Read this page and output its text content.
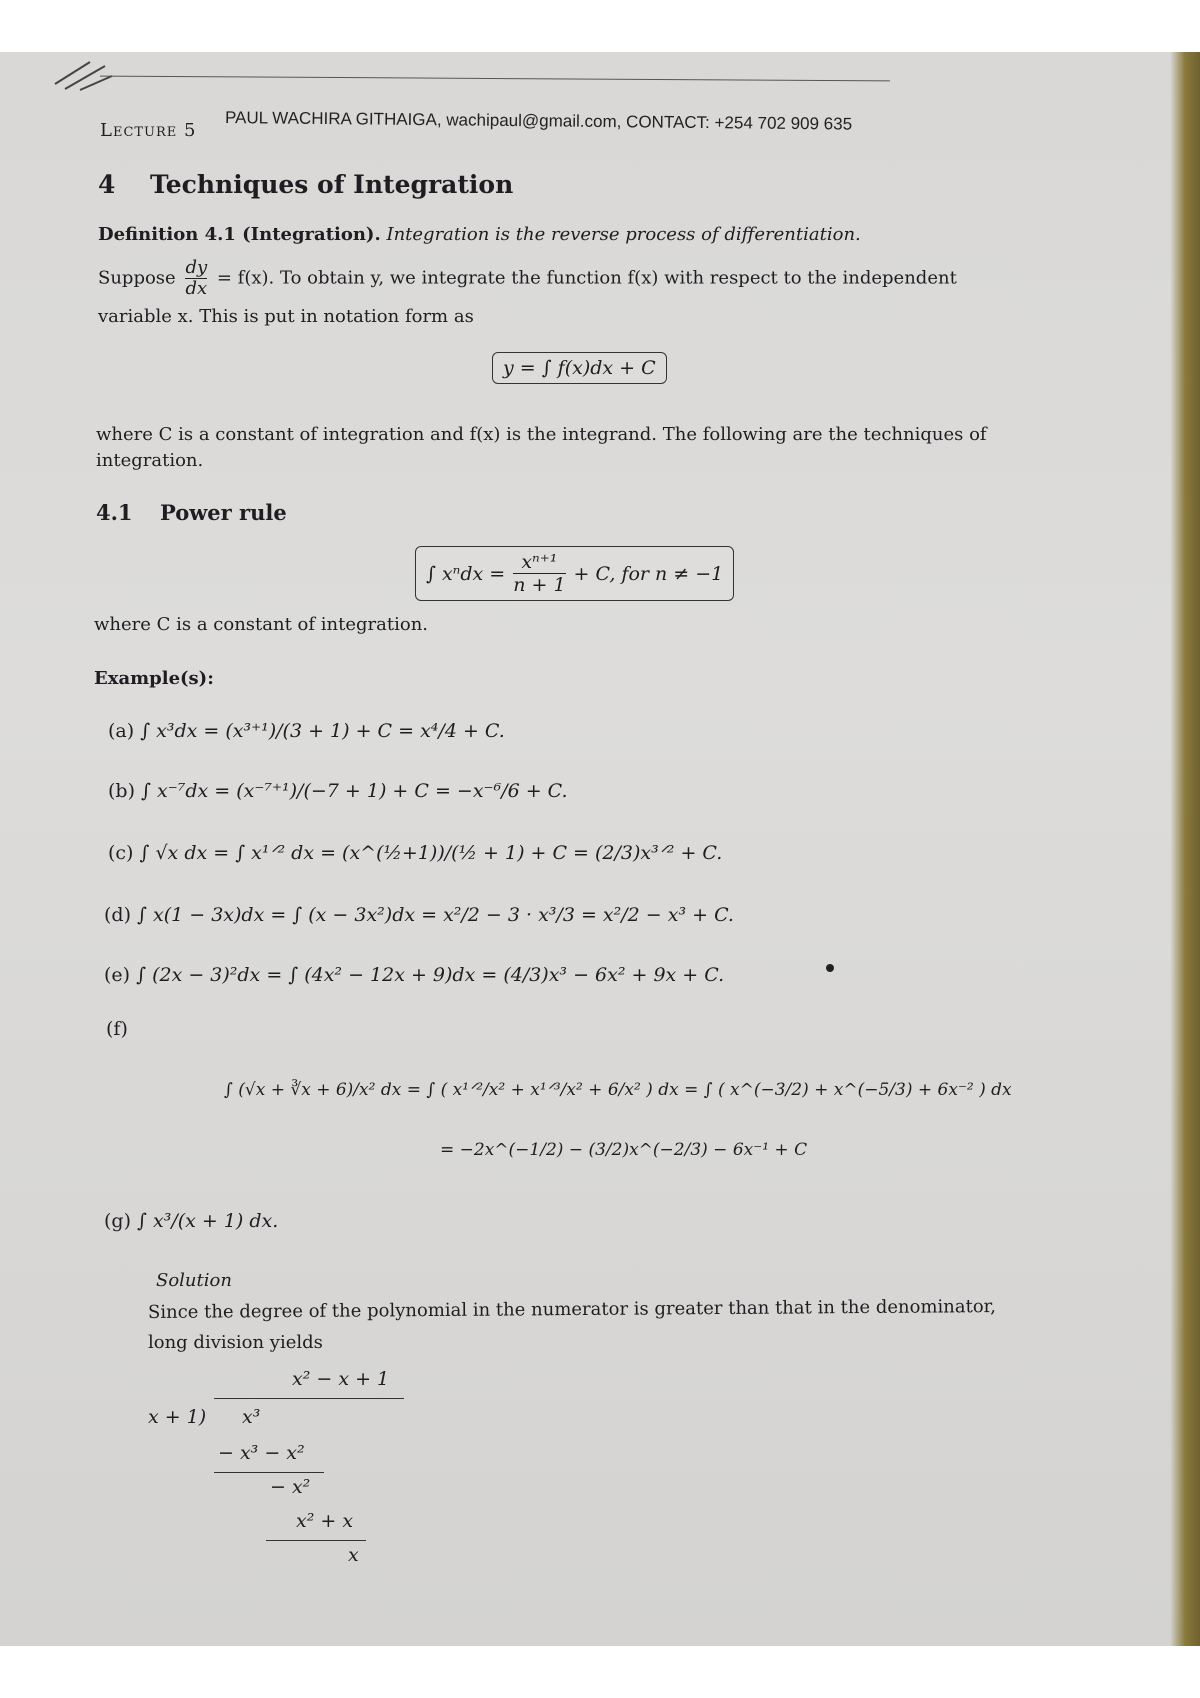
PAUL WACHIRA GITHAIGA, wachipaul@gmail.com, CONTACT: +254 702 909 635
Lecture 5
4 Techniques of Integration
Definition 4.1 (Integration). Integration is the reverse process of differentiation.
Suppose $\frac{dy}{dx} = f(x)$. To obtain y, we integrate the function f(x) with respect to the independent
variable x. This is put in notation form as
y = ∫ f(x)dx + C
where C is a constant of integration and f(x) is the integrand. The following are the techniques of
integration.
4.1 Power rule
∫ $x^ndx = \frac{\text{xⁿ⁺¹}}{n + 1} + C$, for n ≠ −1
where C is a constant of integration.
Example(s):
(a) ∫ x³dx = (x³⁺¹)/(3 + 1) + C = x⁴/4 + C.
(b) ∫ x⁻⁷dx = (x⁻⁷⁺¹)/(−7 + 1) + C = −x⁻⁶/6 + C.
(c) ∫ √x dx = ∫ x¹ᐟ² dx = (x^(½+1))/(½ + 1) + C = (2/3)x³ᐟ² + C.
(d) ∫ x(1 − 3x)dx = ∫ (x − 3x²)dx = x²/2 − 3 · x³/3 = x²/2 − x³ + C.
(e) ∫ (2x − 3)²dx = ∫ (4x² − 12x + 9)dx = (4/3)x³ − 6x² + 9x + C.
(f)
∫ (√x + ∛x + 6)/x² dx = ∫ ( x¹ᐟ²/x² + x¹ᐟ³/x² + 6/x² ) dx = ∫ ( x^(−3/2) + x^(−5/3) + 6x⁻² ) dx
= −2x^(−1/2) − (3/2)x^(−2/3) − 6x⁻¹ + C
(g) ∫ x³/(x + 1) dx.
Solution
Since the degree of the polynomial in the numerator is greater than that in the denominator,
long division yields
x² − x + 1
x + 1) x³
− x³ − x²
− x²
x² + x
x
